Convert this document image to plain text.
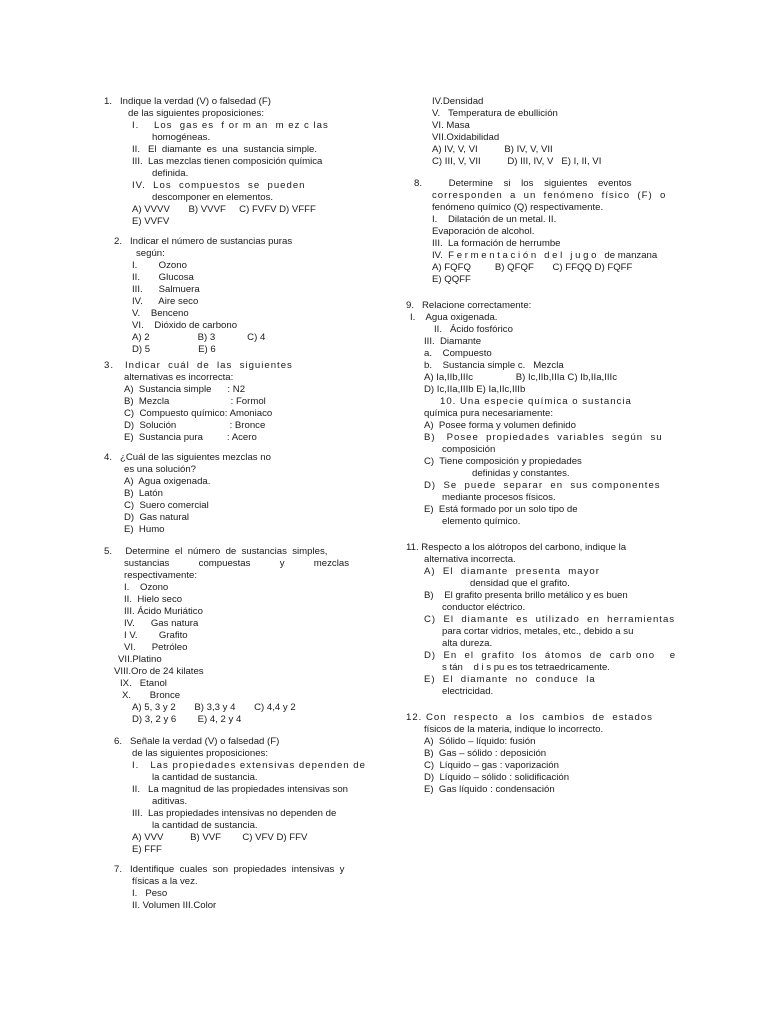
1.   Indique la verdad (V) o falsedad (F)
de las siguientes proposiciones:
I.    Los  gas es  f or m an  m ez c las
homogéneas.
II.   El  diamante  es  una  sustancia simple.
III.  Las mezclas tienen composición química
definida.
IV.  Los  compuestos  se  pueden
descomponer en elementos.
A) VVVV       B) VVVF     C) FVFV D) VFFF
E) VVFV
2.   Indicar el número de sustancias puras
según:
I.        Ozono
II.       Glucosa
III.      Salmuera
IV.      Aire seco
V.    Benceno
VI.    Dióxido de carbono
A) 2                  B) 3            C) 4
D) 5                  E) 6
3.   Indicar  cuál  de  las  siguientes
alternativas es incorrecta:
A)  Sustancia simple      : N2
B)  Mezcla                       : Formol
C)  Compuesto químico: Amoniaco
D)  Solución                    : Bronce
E)  Sustancia pura         : Acero
4.   ¿Cuál de las siguientes mezclas no
es una solución?
A)  Agua oxigenada.
B)  Latón
C)  Suero comercial
D)  Gas natural
E)  Humo
5.     Determine  el  número  de  sustancias  simples,
sustancias           compuestas           y           mezclas
respectivamente:
I.    Ozono
II.  Hielo seco
III. Ácido Muriático
IV.      Gas natura
I V.        Grafito
VI.      Petróleo
VII.Platino
VIII.Oro de 24 kilates
IX.   Etanol
X.       Bronce
A) 5, 3 y 2       B) 3,3 y 4       C) 4,4 y 2
D) 3, 2 y 6        E) 4, 2 y 4
6.   Señale la verdad (V) o falsedad (F)
de las siguientes proposiciones:
I.   Las propiedades extensivas dependen de
la cantidad de sustancia.
II.   La magnitud de las propiedades intensivas son
aditivas.
III.  Las propiedades intensivas no dependen de
la cantidad de sustancia.
A) VVV          B) VVF        C) VFV D) FFV
E) FFF
7.   Identifique  cuales  son  propiedades  intensivas  y
físicas a la vez.
I.   Peso
II. Volumen III.Color
IV.Densidad
V.   Temperatura de ebullición
VI. Masa
VII.Oxidabilidad
A) IV, V, VI          B) IV, V, VII
C) III, V, VII          D) III, IV, V   E) I, II, VI
8.          Determine    si    los    siguientes    eventos
corresponden  a  un  fenómeno  físico  (F)  o
fenómeno químico (Q) respectivamente.
I.    Dilatación de un metal. II.
Evaporación de alcohol.
III.  La formación de herrumbe
IV.  F e r m e n t a c i ó n   d e l   j u g o   de manzana
A) FQFQ         B) QFQF       C) FFQQ D) FQFF
E) QQFF
9.   Relacione correctamente:
I.    Agua oxigenada.
II.   Ácido fosfórico
III.  Diamante
a.    Compuesto
b.    Sustancia simple c.   Mezcla
A) Ia,IIb,IIIc                B) Ic,IIb,IIIa C) Ib,IIa,IIIc
D) Ic,IIa,IIIb E) Ia,IIc,IIIb
10. Una especie química o sustancia
química pura necesariamente:
A)  Posee forma y volumen definido
B)   Posee  propiedades  variables  según  su
composición
C)  Tiene composición y propiedades
definidas y constantes.
D)  Se  puede  separar  en  sus componentes
mediante procesos físicos.
E)  Está formado por un solo tipo de
elemento químico.
11. Respecto a los alótropos del carbono, indique la
alternativa incorrecta.
A)  El  diamante  presenta  mayor
densidad que el grafito.
B)    El grafito presenta brillo metálico y es buen
conductor eléctrico.
C)  El  diamante  es  utilizado  en  herramientas
para cortar vidrios, metales, etc., debido a su
alta dureza.
D)  En  el  grafito  los  átomos  de  carb ono    e
s tán    d i s pu es tos tetraedricamente.
E)  El  diamante  no  conduce  la
electricidad.
12. Con  respecto  a  los  cambios  de  estados
físicos de la materia, indique lo incorrecto.
A)  Sólido – líquido: fusión
B)  Gas – sólido : deposición
C)  Líquido – gas : vaporización
D)  Líquido – sólido : solidificación
E)  Gas líquido : condensación
